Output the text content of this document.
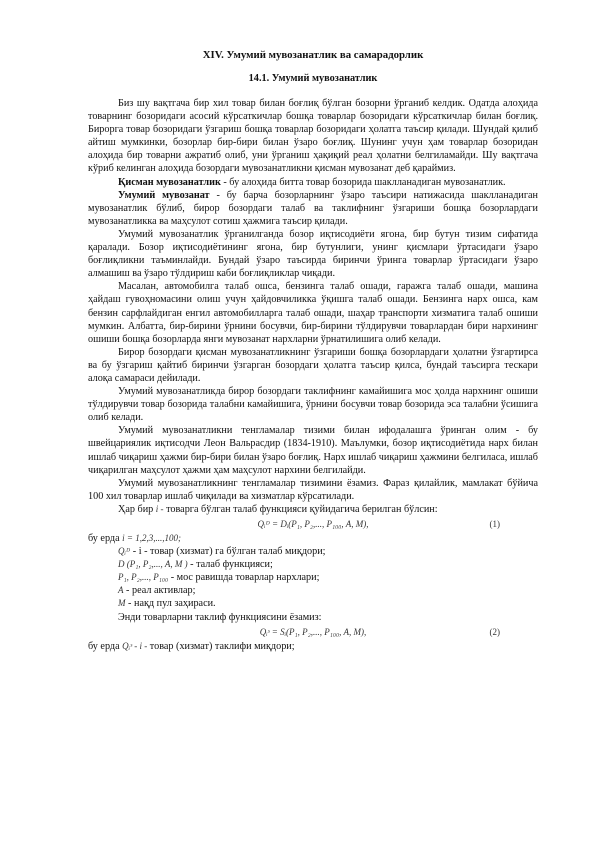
XIV. Умумий мувозанатлик ва самарадорлик
14.1. Умумий мувозанатлик

Биз шу вақтгача бир хил товар билан боғлиқ бўлган бозорни ўрганиб келдик. Одатда алоҳида товарнинг бозоридаги асосий кўрсаткичлар бошқа товарлар бозоридаги кўрсаткичлар билан боғлиқ. Бироргa товар бозоридаги ўзгариш бошқа товарлар бозоридаги ҳолатга таъсир қилади. Шундай қилиб айтиш мумкинки, бозорлар бир-бири билан ўзаро боғлиқ. Шунинг учун ҳам товарлар бозоридан алоҳида бир товарни ажратиб олиб, уни ўрганиш ҳақиқий реал ҳолатни белгиламайди. Шу вақтгача кўриб келинган алоҳида бозордаги мувозанатликни қисман мувозанат деб қараймиз.

Қисман мувозанатлик - бу алоҳида битта товар бозорида шаклланадиган мувозанатлик.

Умумий мувозанат - бу барча бозорларнинг ўзаро таъсири натижасида шаклланадиган мувозанатлик бўлиб, бирор бозордаги талаб ва таклифнинг ўзгариши бошқа бозорлардаги мувозанатликка ва маҳсулот сотиш ҳажмига таъсир қилади.

Умумий мувозанатлик ўрганилганда бозор иқтисодиёти ягона, бир бутун тизим сифатида қаралади. Бозор иқтисодиётининг ягона, бир бутунлиги, унинг қисмлари ўртасидаги ўзаро боғлиқликни таъминлайди. Бундай ўзаро таъсирда биринчи ўринга товарлар ўртасидаги ўзаро алмашиш ва ўзаро тўлдириш каби боғлиқликлар чиқади.

Масалан, автомобилга талаб ошса, бензинга талаб ошади, гаражга талаб ошади, машина ҳайдаш гувоҳномасини олиш учун ҳайдовчиликка ўқишга талаб ошади. Бензинга нарх ошса, кам бензин сарфлайдиган енгил автомобилларга талаб ошади, шаҳар транспорти хизматига талаб ошиши мумкин. Албатта, бир-бирини ўрнини босувчи, бир-бирини тўлдирувчи товарлардан бири нархининг ошиши бошқа бозорларда янги мувозанат нархларни ўрнатилишига олиб келади.

Бирор бозордаги қисман мувозанатликнинг ўзгариши бошқа бозорлардаги ҳолатни ўзгартирса ва бу ўзгариш қайтиб биринчи ўзгарган бозордаги ҳолатга таъсир қилса, бундай таъсирга тескари алоқа самараси дейилади.

Умумий мувозанатликда бирор бозордаги таклифнинг камайишига мос ҳолда нархнинг ошиши тўлдирувчи товар бозорида талабни камайишига, ўрнини босувчи товар бозорида эса талабни ўсишига олиб келади.

Умумий мувозанатликни тенгламалар тизими билан ифодалашга ўринган олим - бу швейцариялик иқтисодчи Леон Вальрасдир (1834-1910). Маълумки, бозор иқтисодиётида нарх билан ишлаб чиқариш ҳажми бир-бири билан ўзаро боғлиқ. Нарх ишлаб чиқариш ҳажмини белгилаca, ишлаб чиқарилган маҳсулот ҳажми ҳам маҳсулот нархини белгилайди.

Умумий мувозанатликнинг тенгламалар тизимини ёзамиз. Фараз қилайлик, мамлакат бўйича 100 хил товарлар ишлаб чиқилади ва хизматлар кўрсатилади.

Ҳар бир i - товарга бўлган талаб функцияси қуйидагича берилган бўлсин:

Qᵢᴰ = Dᵢ(P₁, P₂,..., P₁₀₀, A, M),	(1)

бу ерда i = 1,2,3,...,100;

Qᵢᴰ - i - товар (хизмат) га бўлган талаб миқдори;

D (P₁, P₂,..., A, M ) - талаб функцияси;

P₁, P₂,..., P₁₀₀ - мос равишда товарлар нархлари;

A - реал активлар;

M - нақд пул заҳираси.

Энди товарларни таклиф функциясини ёзамиз:

Qᵢˢ = Sᵢ(P₁, P₂,..., P₁₀₀, A, M),	(2)

бу ерда Qᵢˢ - i - товар (хизмат) таклифи миқдори;
